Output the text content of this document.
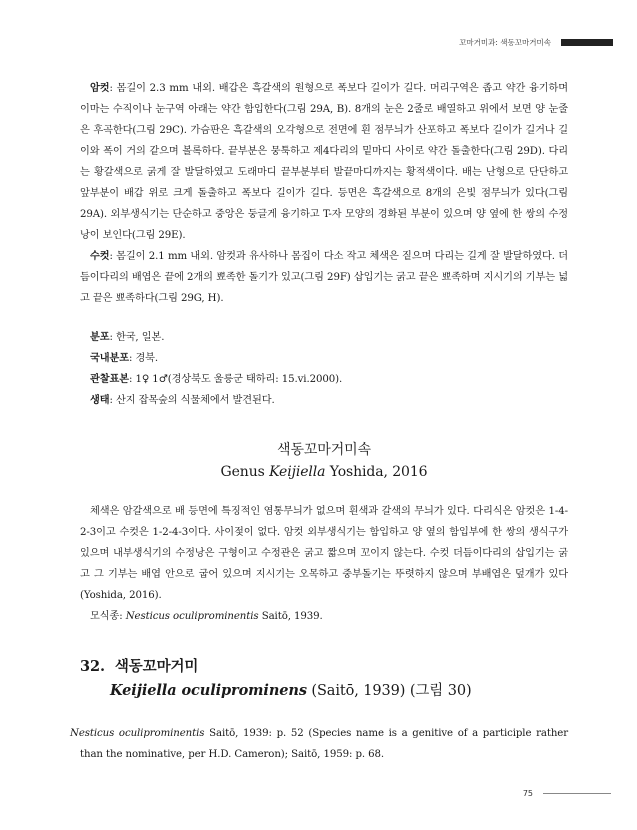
꼬마거미과: 색동꼬마거미속

암컷: 몸길이 2.3 mm 내외. 배갑은 흑갈색의 원형으로 폭보다 길이가 길다. 머리구역은 좁고 약간 융기하며 이마는 수직이나 눈구역 아래는 약간 함입한다(그림 29A, B). 8개의 눈은 2줄로 배열하고 위에서 보면 양 눈줄은 후곡한다(그림 29C). 가슴판은 흑갈색의 오각형으로 전면에 흰 점무늬가 산포하고 폭보다 길이가 길거나 길이와 폭이 거의 같으며 볼록하다. 끝부분은 뭉툭하고 제4다리의 밑마디 사이로 약간 돌출한다(그림 29D). 다리는 황갈색으로 굵게 잘 발달하였고 도래마디 끝부분부터 발끝마디까지는 황적색이다. 배는 난형으로 단단하고 앞부분이 배갑 위로 크게 돌출하고 폭보다 길이가 길다. 등면은 흑갈색으로 8개의 은빛 점무늬가 있다(그림 29A). 외부생식기는 단순하고 중앙은 둥글게 융기하고 T-자 모양의 경화된 부분이 있으며 양 옆에 한 쌍의 수정낭이 보인다(그림 29E).

수컷: 몸길이 2.1 mm 내외. 암컷과 유사하나 몸집이 다소 작고 체색은 짙으며 다리는 길게 잘 발달하였다. 더듬이다리의 배엽은 끝에 2개의 뾰족한 돌기가 있고(그림 29F) 삽입기는 굵고 끝은 뾰족하며 지시기의 기부는 넓고 끝은 뾰족하다(그림 29G, H).

분포: 한국, 일본.

국내분포: 경북.

관찰표본: 1♀ 1♂(경상북도 울릉군 태하리: 15.vi.2000).

생태: 산지 잡목숲의 식물체에서 발견된다.

색동꼬마거미속
Genus Keijiella Yoshida, 2016

체색은 암갈색으로 배 등면에 특징적인 염통무늬가 없으며 흰색과 갈색의 무늬가 있다. 다리식은 암컷은 1-4-2-3이고 수컷은 1-2-4-3이다. 사이젖이 없다. 암컷 외부생식기는 함입하고 양 옆의 함입부에 한 쌍의 생식구가 있으며 내부생식기의 수정낭은 구형이고 수정관은 굵고 짧으며 꼬이지 않는다. 수컷 더듬이다리의 삽입기는 굵고 그 기부는 배엽 안으로 굽어 있으며 지시기는 오목하고 중부돌기는 뚜렷하지 않으며 부배엽은 덮개가 있다(Yoshida, 2016).

모식종: Nesticus oculiprominentis Saitō, 1939.

32. 색동꼬마거미
Keijiella oculiprominens (Saitō, 1939) (그림 30)

Nesticus oculiprominentis Saitō, 1939: p. 52 (Species name is a genitive of a participle rather than the nominative, per H.D. Cameron); Saitō, 1959: p. 68.

75
